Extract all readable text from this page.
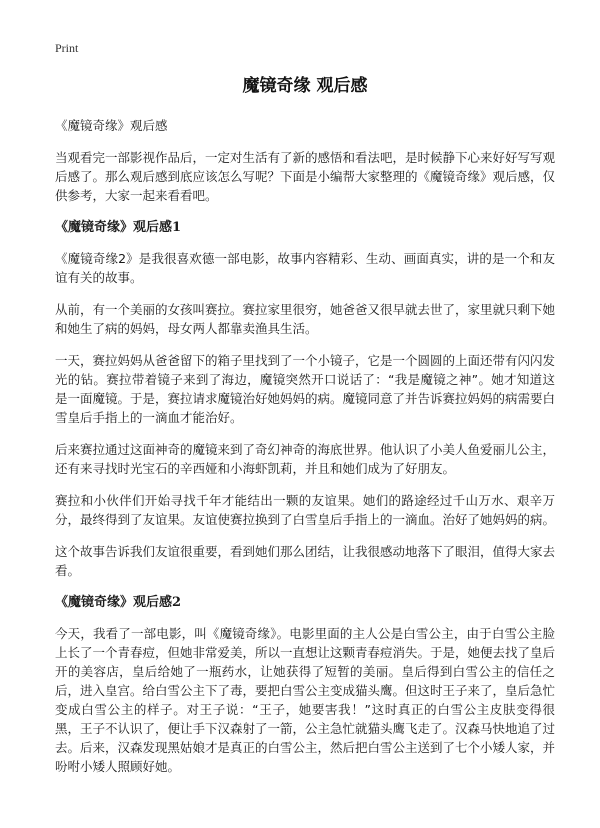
Print
魔镜奇缘 观后感
《魔镜奇缘》观后感

当观看完一部影视作品后，一定对生活有了新的感悟和看法吧，是时候静下心来好好写写观后感了。那么观后感到底应该怎么写呢？下面是小编帮大家整理的《魔镜奇缘》观后感，仅供参考，大家一起来看看吧。

《魔镜奇缘》观后感1

《魔镜奇缘2》是我很喜欢德一部电影，故事内容精彩、生动、画面真实，讲的是一个和友谊有关的故事。

从前，有一个美丽的女孩叫赛拉。赛拉家里很穷，她爸爸又很早就去世了，家里就只剩下她和她生了病的妈妈，母女两人都靠卖渔具生活。

一天，赛拉妈妈从爸爸留下的箱子里找到了一个小镜子，它是一个圆圆的上面还带有闪闪发光的钻。赛拉带着镜子来到了海边，魔镜突然开口说话了：“我是魔镜之神”。她才知道这是一面魔镜。于是，赛拉请求魔镜治好她妈妈的病。魔镜同意了并告诉赛拉妈妈的病需要白雪皇后手指上的一滴血才能治好。

后来赛拉通过这面神奇的魔镜来到了奇幻神奇的海底世界。他认识了小美人鱼爱丽儿公主，还有来寻找时光宝石的辛西娅和小海虾凯莉，并且和她们成为了好朋友。

赛拉和小伙伴们开始寻找千年才能结出一颗的友谊果。她们的路途经过千山万水、艰辛万分，最终得到了友谊果。友谊使赛拉换到了白雪皇后手指上的一滴血。治好了她妈妈的病。

这个故事告诉我们友谊很重要，看到她们那么团结，让我很感动地落下了眼泪，值得大家去看。

《魔镜奇缘》观后感2

今天，我看了一部电影，叫《魔镜奇缘》。电影里面的主人公是白雪公主，由于白雪公主脸上长了一个青春痘，但她非常爱美，所以一直想让这颗青春痘消失。于是，她便去找了皇后开的美容店，皇后给她了一瓶药水，让她获得了短暂的美丽。皇后得到白雪公主的信任之后，进入皇宫。给白雪公主下了毒，要把白雪公主变成猫头鹰。但这时王子来了，皇后急忙变成白雪公主的样子。对王子说：“王子，她要害我！”这时真正的白雪公主皮肤变得很黑，王子不认识了，便让手下汉森射了一箭，公主急忙就猫头鹰飞走了。汉森马快地追了过去。后来，汉森发现黑姑娘才是真正的白雪公主，然后把白雪公主送到了七个小矮人家，并吩咐小矮人照顾好她。
